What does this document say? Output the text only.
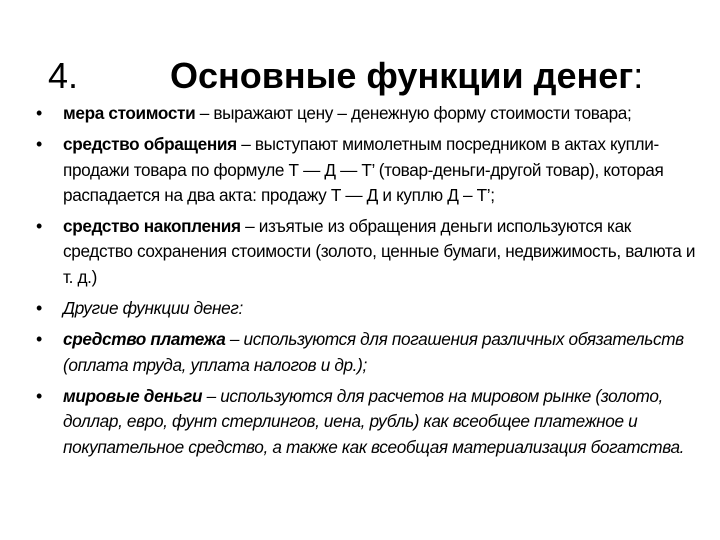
4.	Основные функции денег:
• мера стоимости – выражают цену – денежную форму стоимости товара;
• средство обращения – выступают мимолетным посредником в актах купли-продажи товара по формуле Т — Д — Т’ (товар-деньги-другой товар), которая распадается на два акта: продажу Т — Д и куплю Д – Т’;
• средство накопления – изъятые из обращения деньги используются как средство сохранения стоимости (золото, ценные бумаги, недвижимость, валюта и т. д.)
• Другие функции денег:
• средство платежа – используются для погашения различных обязательств (оплата труда, уплата налогов и др.);
• мировые деньги – используются для расчетов на мировом рынке (золото, доллар, евро, фунт стерлингов, иена, рубль) как всеобщее платежное и покупательное средство, а также как всеобщая материализация богатства.
